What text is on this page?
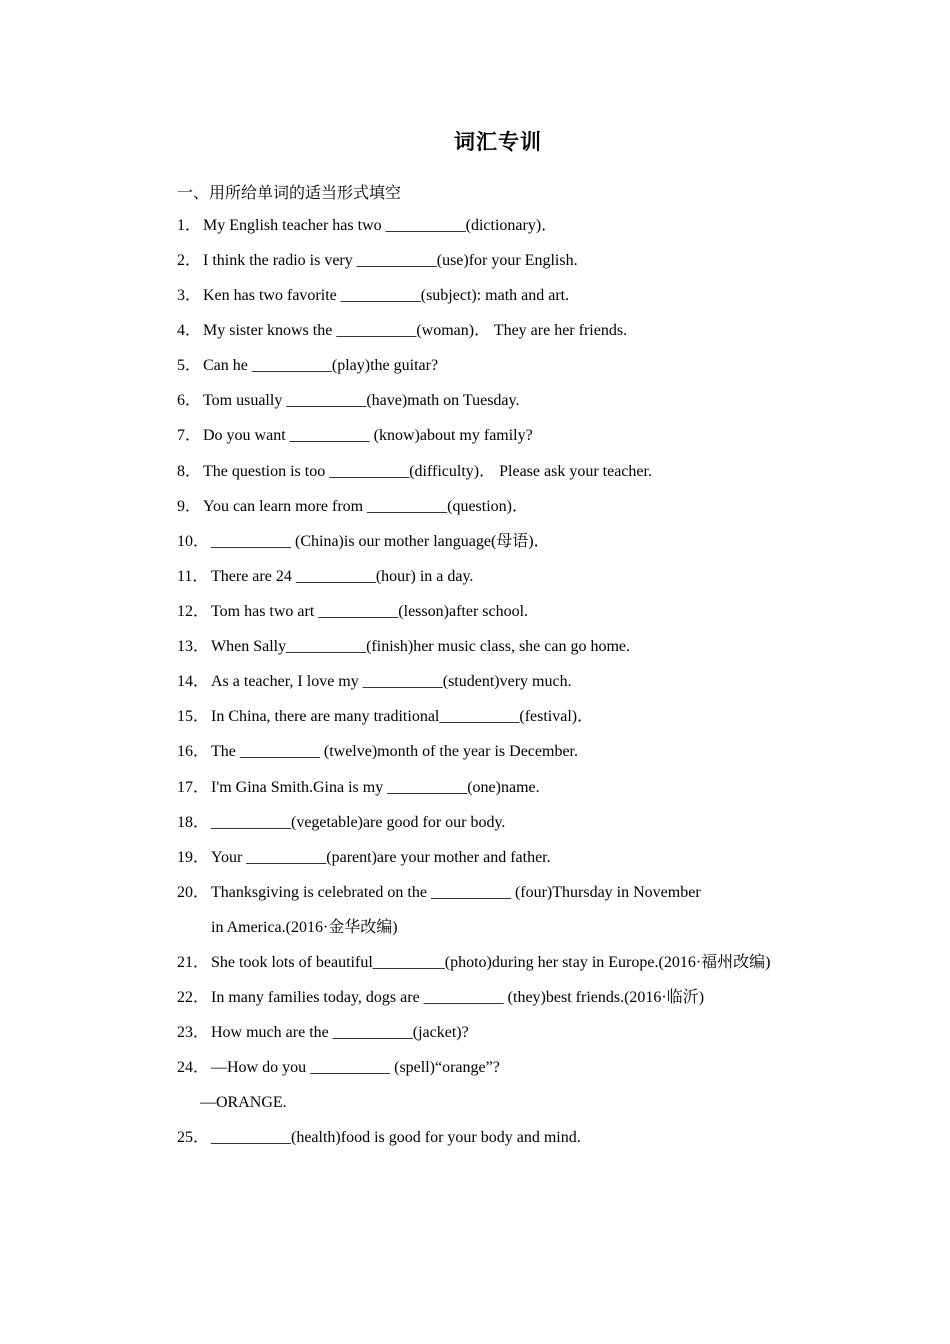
词汇专训
一、用所给单词的适当形式填空
1． My English teacher has two __________(dictionary)．
2． I think the radio is very __________(use)for your English.
3． Ken has two favorite __________(subject): math and art.
4． My sister knows the __________(woman)． They are her friends.
5． Can he __________(play)the guitar?
6． Tom usually __________(have)math on Tuesday.
7． Do you want __________ (know)about my family?
8． The question is too __________(difficulty)． Please ask your teacher.
9． You can learn more from __________(question)．
10． __________ (China)is our mother language(母语)．
11． There are 24 __________(hour) in a day.
12． Tom has two art __________(lesson)after school.
13． When Sally__________(finish)her music class, she can go home.
14． As a teacher, I love my __________(student)very much.
15． In China, there are many traditional__________(festival)．
16． The __________ (twelve)month of the year is December.
17． I'm Gina Smith.Gina is my __________(one)name.
18． __________(vegetable)are good for our body.
19． Your __________(parent)are your mother and father.
20． Thanksgiving is celebrated on the __________ (four)Thursday in November
in America.(2016·金华改编)
21． She took lots of beautiful_________(photo)during her stay in Europe.(2016·福州改编)
22． In many families today, dogs are __________ (they)best friends.(2016·临沂)
23． How much are the __________(jacket)?
24． —How do you __________ (spell)“orange”?
—ORANGE.
25． __________(health)food is good for your body and mind.
